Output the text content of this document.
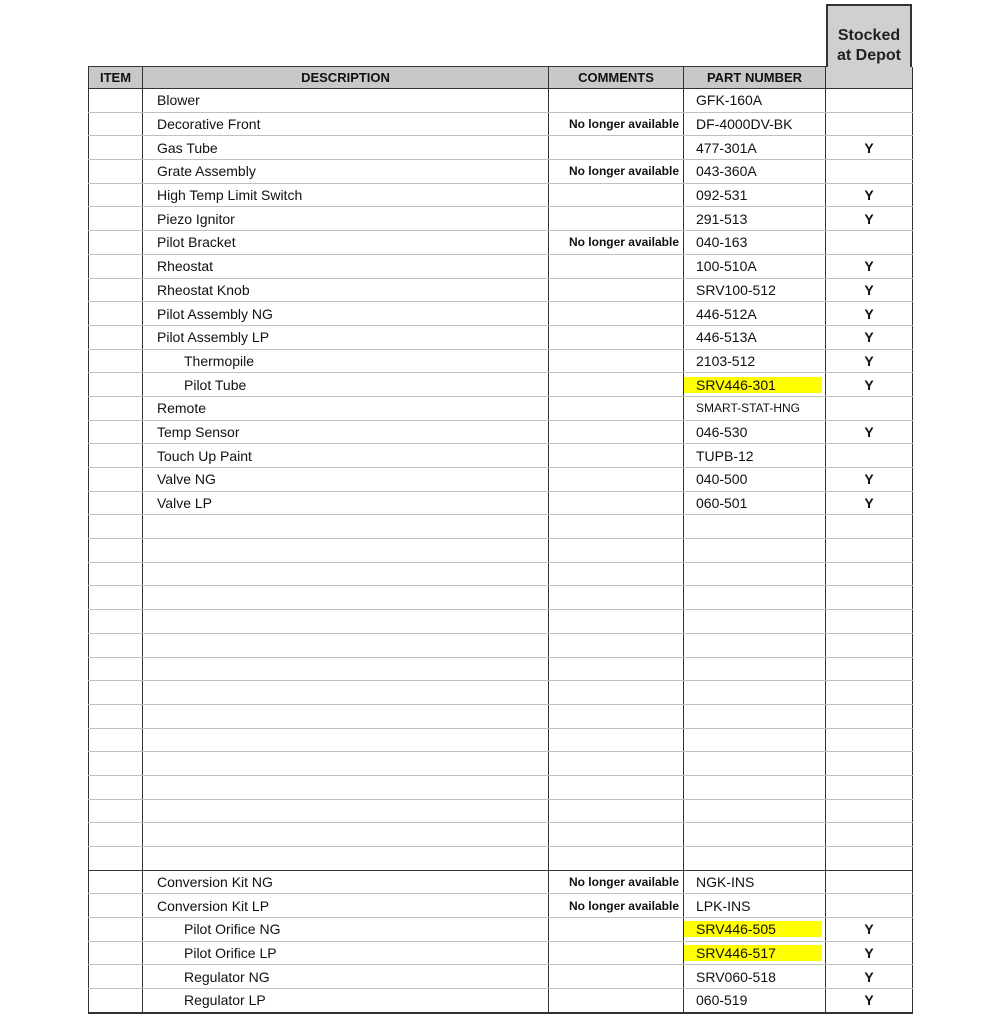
Stocked
at Depot
ITEM	DESCRIPTION	COMMENTS	PART NUMBER	
	Blower		GFK-160A	
	Decorative Front	No longer available	DF-4000DV-BK	
	Gas Tube		477-301A	Y
	Grate Assembly	No longer available	043-360A	
	High Temp Limit Switch		092-531	Y
	Piezo Ignitor		291-513	Y
	Pilot Bracket	No longer available	040-163	
	Rheostat		100-510A	Y
	Rheostat Knob		SRV100-512	Y
	Pilot Assembly NG		446-512A	Y
	Pilot Assembly LP		446-513A	Y
	Thermopile		2103-512	Y
	Pilot Tube		SRV446-301	Y
	Remote		SMART-STAT-HNG	
	Temp Sensor		046-530	Y
	Touch Up Paint		TUPB-12	
	Valve NG		040-500	Y
	Valve LP		060-501	Y

	Conversion Kit NG	No longer available	NGK-INS	
	Conversion Kit LP	No longer available	LPK-INS	
	Pilot Orifice NG		SRV446-505	Y
	Pilot Orifice LP		SRV446-517	Y
	Regulator NG		SRV060-518	Y
	Regulator LP		060-519	Y
